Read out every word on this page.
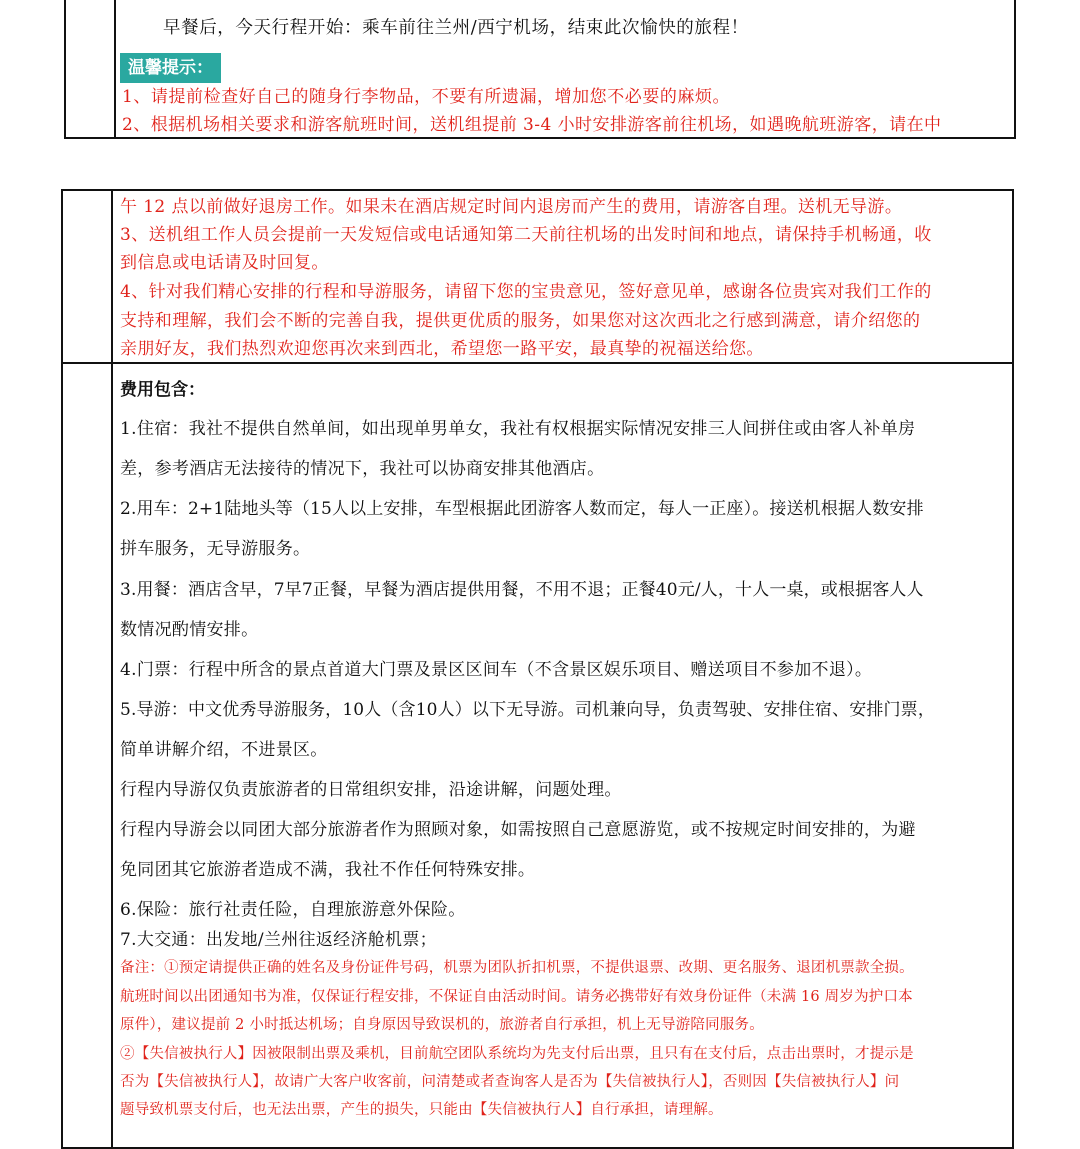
早餐后，今天行程开始：乘车前往兰州/西宁机场，结束此次愉快的旅程！
温馨提示：
1、请提前检查好自己的随身行李物品，不要有所遗漏，增加您不必要的麻烦。
2、根据机场相关要求和游客航班时间，送机组提前 3-4 小时安排游客前往机场，如遇晚航班游客，请在中
午 12 点以前做好退房工作。如果未在酒店规定时间内退房而产生的费用，请游客自理。送机无导游。
3、送机组工作人员会提前一天发短信或电话通知第二天前往机场的出发时间和地点，请保持手机畅通，收
到信息或电话请及时回复。
4、针对我们精心安排的行程和导游服务，请留下您的宝贵意见，签好意见单，感谢各位贵宾对我们工作的
支持和理解，我们会不断的完善自我，提供更优质的服务，如果您对这次西北之行感到满意，请介绍您的
亲朋好友，我们热烈欢迎您再次来到西北，希望您一路平安，最真挚的祝福送给您。
费用包含：
1.住宿：我社不提供自然单间，如出现单男单女，我社有权根据实际情况安排三人间拼住或由客人补单房
差，参考酒店无法接待的情况下，我社可以协商安排其他酒店。
2.用车：2+1陆地头等（15人以上安排，车型根据此团游客人数而定，每人一正座）。接送机根据人数安排
拼车服务，无导游服务。
3.用餐：酒店含早，7早7正餐，早餐为酒店提供用餐，不用不退；正餐40元/人，十人一桌，或根据客人人
数情况酌情安排。
4.门票：行程中所含的景点首道大门票及景区区间车（不含景区娱乐项目、赠送项目不参加不退）。
5.导游：中文优秀导游服务，10人（含10人）以下无导游。司机兼向导，负责驾驶、安排住宿、安排门票，
简单讲解介绍，不进景区。
行程内导游仅负责旅游者的日常组织安排，沿途讲解，问题处理。
行程内导游会以同团大部分旅游者作为照顾对象，如需按照自己意愿游览，或不按规定时间安排的，为避
免同团其它旅游者造成不满，我社不作任何特殊安排。
6.保险：旅行社责任险，自理旅游意外保险。
7.大交通：出发地/兰州往返经济舱机票；
备注：①预定请提供正确的姓名及身份证件号码，机票为团队折扣机票，不提供退票、改期、更名服务、退团机票款全损。
航班时间以出团通知书为准，仅保证行程安排，不保证自由活动时间。请务必携带好有效身份证件（未满 16 周岁为护口本
原件），建议提前 2 小时抵达机场；自身原因导致误机的，旅游者自行承担，机上无导游陪同服务。
②【失信被执行人】因被限制出票及乘机，目前航空团队系统均为先支付后出票，且只有在支付后，点击出票时，才提示是
否为【失信被执行人】，故请广大客户收客前，问清楚或者查询客人是否为【失信被执行人】，否则因【失信被执行人】问
题导致机票支付后，也无法出票，产生的损失，只能由【失信被执行人】自行承担，请理解。
